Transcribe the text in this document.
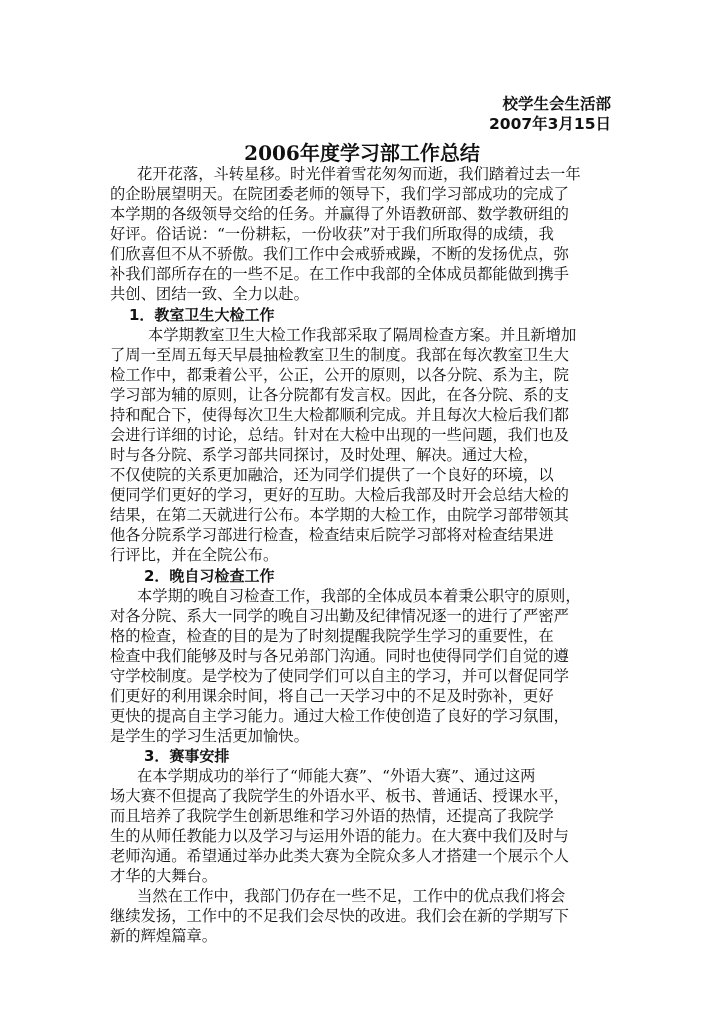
校学生会生活部
2007年3月15日
2006年度学习部工作总结
花开花落，斗转星移。时光伴着雪花匆匆而逝，我们踏着过去一年
的企盼展望明天。在院团委老师的领导下，我们学习部成功的完成了
本学期的各级领导交给的任务。并赢得了外语教研部、数学教研组的
好评。俗话说：“一份耕耘，一份收获”对于我们所取得的成绩，我
们欣喜但不从不骄傲。我们工作中会戒骄戒躁，不断的发扬优点，弥
补我们部所存在的一些不足。在工作中我部的全体成员都能做到携手
共创、团结一致、全力以赴。
1．教室卫生大检工作
本学期教室卫生大检工作我部采取了隔周检查方案。并且新增加
了周一至周五每天早晨抽检教室卫生的制度。我部在每次教室卫生大
检工作中，都秉着公平，公正，公开的原则，以各分院、系为主，院
学习部为辅的原则，让各分院都有发言权。因此，在各分院、系的支
持和配合下，使得每次卫生大检都顺利完成。并且每次大检后我们都
会进行详细的讨论，总结。针对在大检中出现的一些问题，我们也及
时与各分院、系学习部共同探讨，及时处理、解决。通过大检，
不仅使院的关系更加融洽，还为同学们提供了一个良好的环境，以
便同学们更好的学习，更好的互助。大检后我部及时开会总结大检的
结果，在第二天就进行公布。本学期的大检工作，由院学习部带领其
他各分院系学习部进行检查，检查结束后院学习部将对检查结果进
行评比，并在全院公布。
2．晚自习检查工作
本学期的晚自习检查工作，我部的全体成员本着秉公职守的原则，
对各分院、系大一同学的晚自习出勤及纪律情况逐一的进行了严密严
格的检查，检查的目的是为了时刻提醒我院学生学习的重要性，在
检查中我们能够及时与各兄弟部门沟通。同时也使得同学们自觉的遵
守学校制度。是学校为了使同学们可以自主的学习，并可以督促同学
们更好的利用课余时间，将自己一天学习中的不足及时弥补，更好
更快的提高自主学习能力。通过大检工作使创造了良好的学习氛围，
是学生的学习生活更加愉快。
3．赛事安排
在本学期成功的举行了“师能大赛”、“外语大赛”、通过这两
场大赛不但提高了我院学生的外语水平、板书、普通话、授课水平，
而且培养了我院学生创新思维和学习外语的热情，还提高了我院学
生的从师任教能力以及学习与运用外语的能力。在大赛中我们及时与
老师沟通。希望通过举办此类大赛为全院众多人才搭建一个展示个人
才华的大舞台。
当然在工作中，我部门仍存在一些不足，工作中的优点我们将会
继续发扬，工作中的不足我们会尽快的改进。我们会在新的学期写下
新的辉煌篇章。
